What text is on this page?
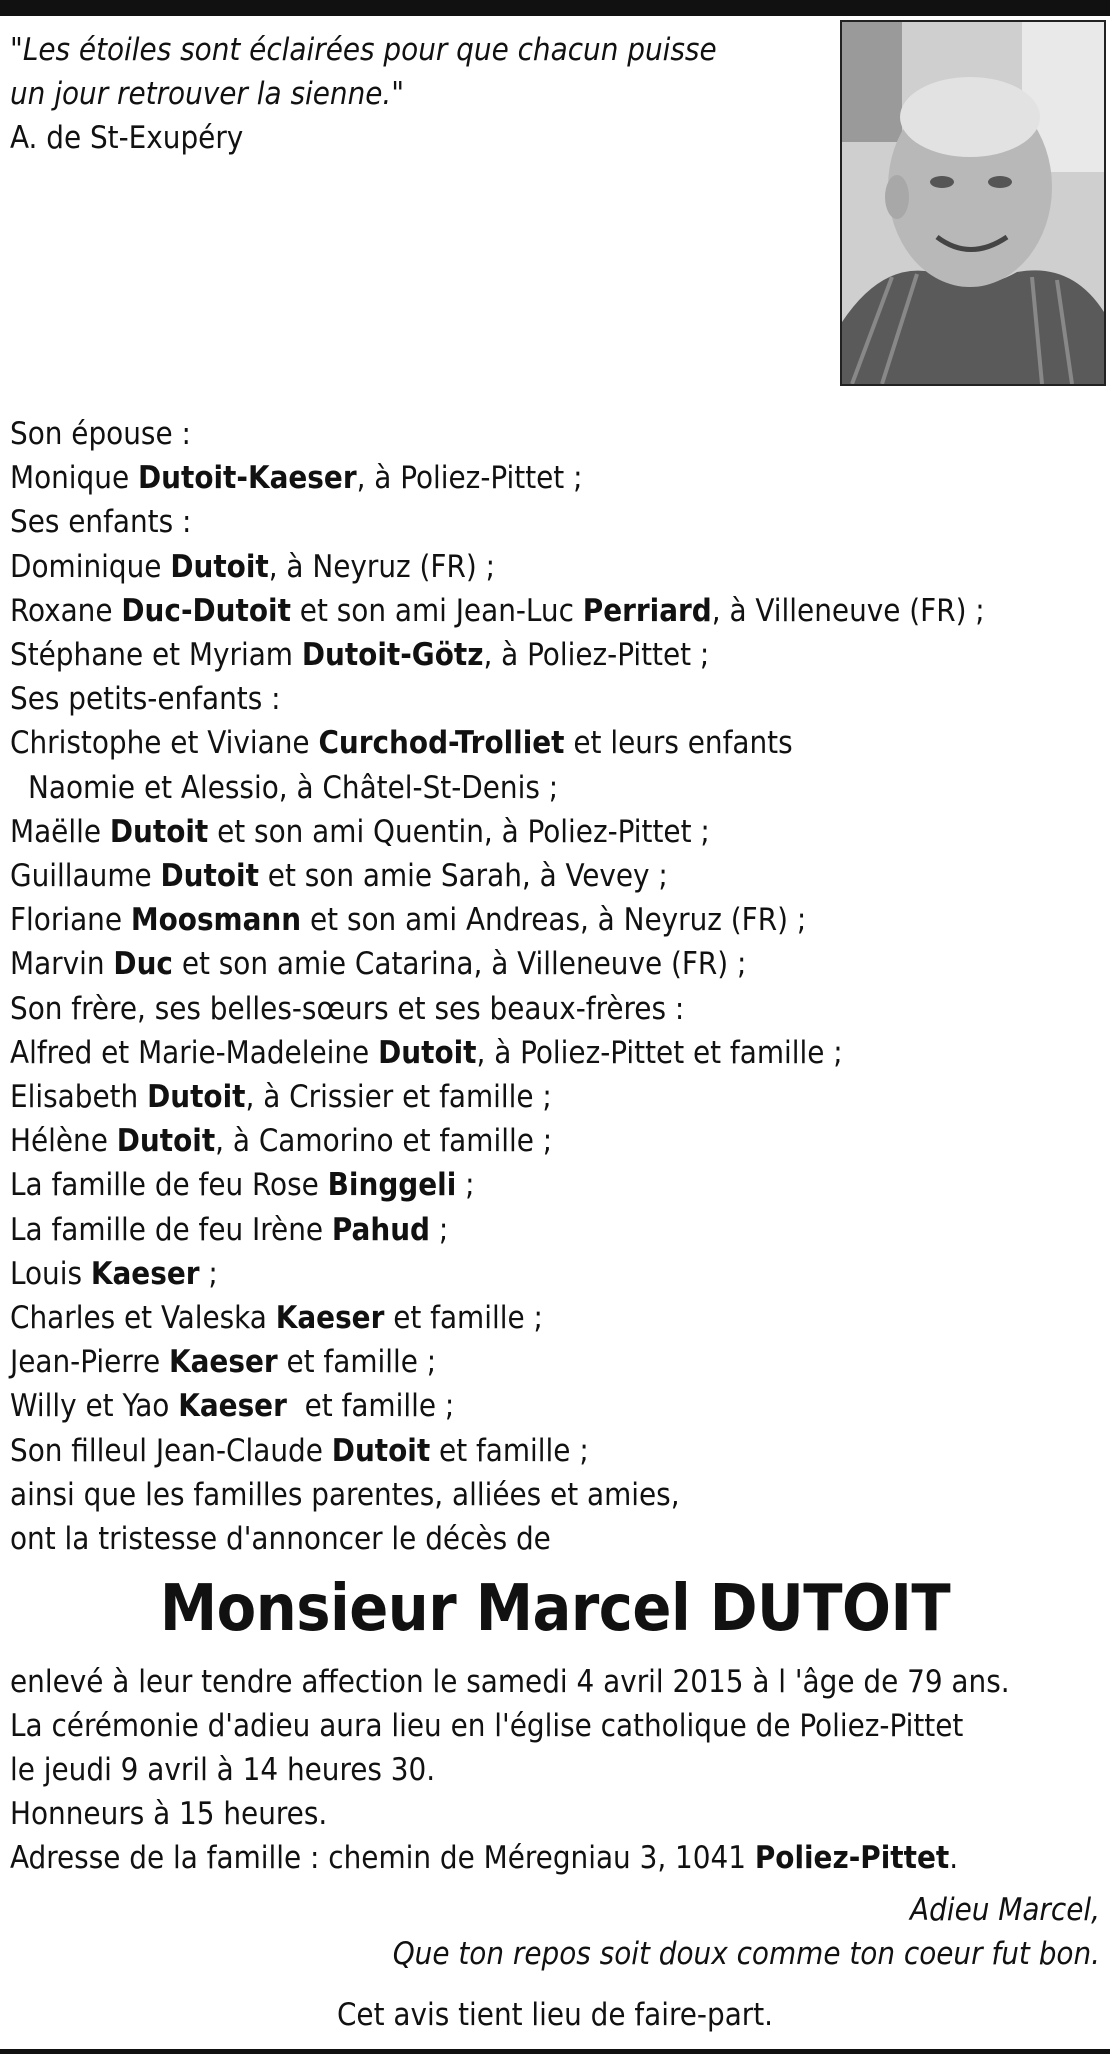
"Les étoiles sont éclairées pour que chacun puisse
un jour retrouver la sienne."
A. de St-Exupéry
Son épouse :
Monique Dutoit-Kaeser, à Poliez-Pittet ;
Ses enfants :
Dominique Dutoit, à Neyruz (FR) ;
Roxane Duc-Dutoit et son ami Jean-Luc Perriard, à Villeneuve (FR) ;
Stéphane et Myriam Dutoit-Götz, à Poliez-Pittet ;
Ses petits-enfants :
Christophe et Viviane Curchod-Trolliet et leurs enfants
Naomie et Alessio, à Châtel-St-Denis ;
Maëlle Dutoit et son ami Quentin, à Poliez-Pittet ;
Guillaume Dutoit et son amie Sarah, à Vevey ;
Floriane Moosmann et son ami Andreas, à Neyruz (FR) ;
Marvin Duc et son amie Catarina, à Villeneuve (FR) ;
Son frère, ses belles-sœurs et ses beaux-frères :
Alfred et Marie-Madeleine Dutoit, à Poliez-Pittet et famille ;
Elisabeth Dutoit, à Crissier et famille ;
Hélène Dutoit, à Camorino et famille ;
La famille de feu Rose Binggeli ;
La famille de feu Irène Pahud ;
Louis Kaeser ;
Charles et Valeska Kaeser et famille ;
Jean-Pierre Kaeser et famille ;
Willy et Yao Kaeser  et famille ;
Son filleul Jean-Claude Dutoit et famille ;
ainsi que les familles parentes, alliées et amies,
ont la tristesse d'annoncer le décès de
Monsieur Marcel DUTOIT
enlevé à leur tendre affection le samedi 4 avril 2015 à l 'âge de 79 ans.
La cérémonie d'adieu aura lieu en l'église catholique de Poliez-Pittet
le jeudi 9 avril à 14 heures 30.
Honneurs à 15 heures.
Adresse de la famille : chemin de Méregniau 3, 1041 Poliez-Pittet.
Adieu Marcel,
Que ton repos soit doux comme ton coeur fut bon.
Cet avis tient lieu de faire-part.
